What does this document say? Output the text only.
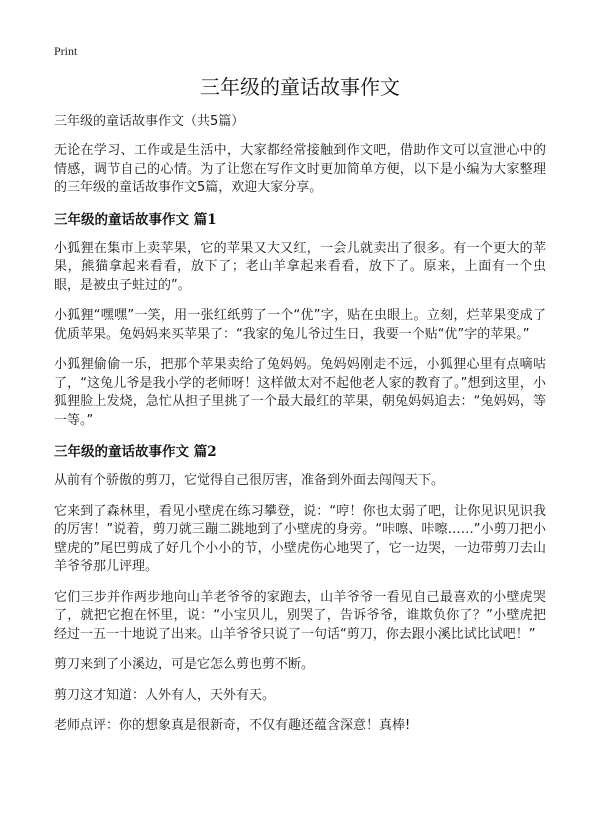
Print

三年级的童话故事作文

三年级的童话故事作文（共5篇）

无论在学习、工作或是生活中，大家都经常接触到作文吧，借助作文可以宣泄心中的情感，调节自己的心情。为了让您在写作文时更加简单方便，以下是小编为大家整理的三年级的童话故事作文5篇，欢迎大家分享。

三年级的童话故事作文 篇1

小狐狸在集市上卖苹果，它的苹果又大又红，一会儿就卖出了很多。有一个更大的苹果，熊猫拿起来看看，放下了；老山羊拿起来看看，放下了。原来，上面有一个虫眼，是被虫子蛀过的”。

小狐狸“嘿嘿”一笑，用一张红纸剪了一个“优”字，贴在虫眼上。立刻，烂苹果变成了优质苹果。兔妈妈来买苹果了：“我家的兔儿爷过生日，我要一个贴“优”字的苹果。”

小狐狸偷偷一乐，把那个苹果卖给了兔妈妈。兔妈妈刚走不远，小狐狸心里有点嘀咕了，“这兔儿爷是我小学的老师呀！这样做太对不起他老人家的教育了。”想到这里，小狐狸脸上发烧，急忙从担子里挑了一个最大最红的苹果，朝兔妈妈追去：“兔妈妈，等一等。”

三年级的童话故事作文 篇2

从前有个骄傲的剪刀，它觉得自己很厉害，准备到外面去闯闯天下。

它来到了森林里，看见小壁虎在练习攀登，说：“哼！你也太弱了吧，让你见识见识我的厉害！”说着，剪刀就三蹦二跳地到了小壁虎的身旁。“咔嚓、咔嚓……”小剪刀把小壁虎的”尾巴剪成了好几个小小的节，小壁虎伤心地哭了，它一边哭，一边带剪刀去山羊爷爷那儿评理。

它们三步并作两步地向山羊老爷爷的家跑去，山羊爷爷一看见自己最喜欢的小壁虎哭了，就把它抱在怀里，说：“小宝贝儿，别哭了，告诉爷爷，谁欺负你了？”小壁虎把经过一五一十地说了出来。山羊爷爷只说了一句话“剪刀，你去跟小溪比试比试吧！”

剪刀来到了小溪边，可是它怎么剪也剪不断。

剪刀这才知道：人外有人，天外有天。

老师点评：你的想象真是很新奇，不仅有趣还蕴含深意！真棒!
